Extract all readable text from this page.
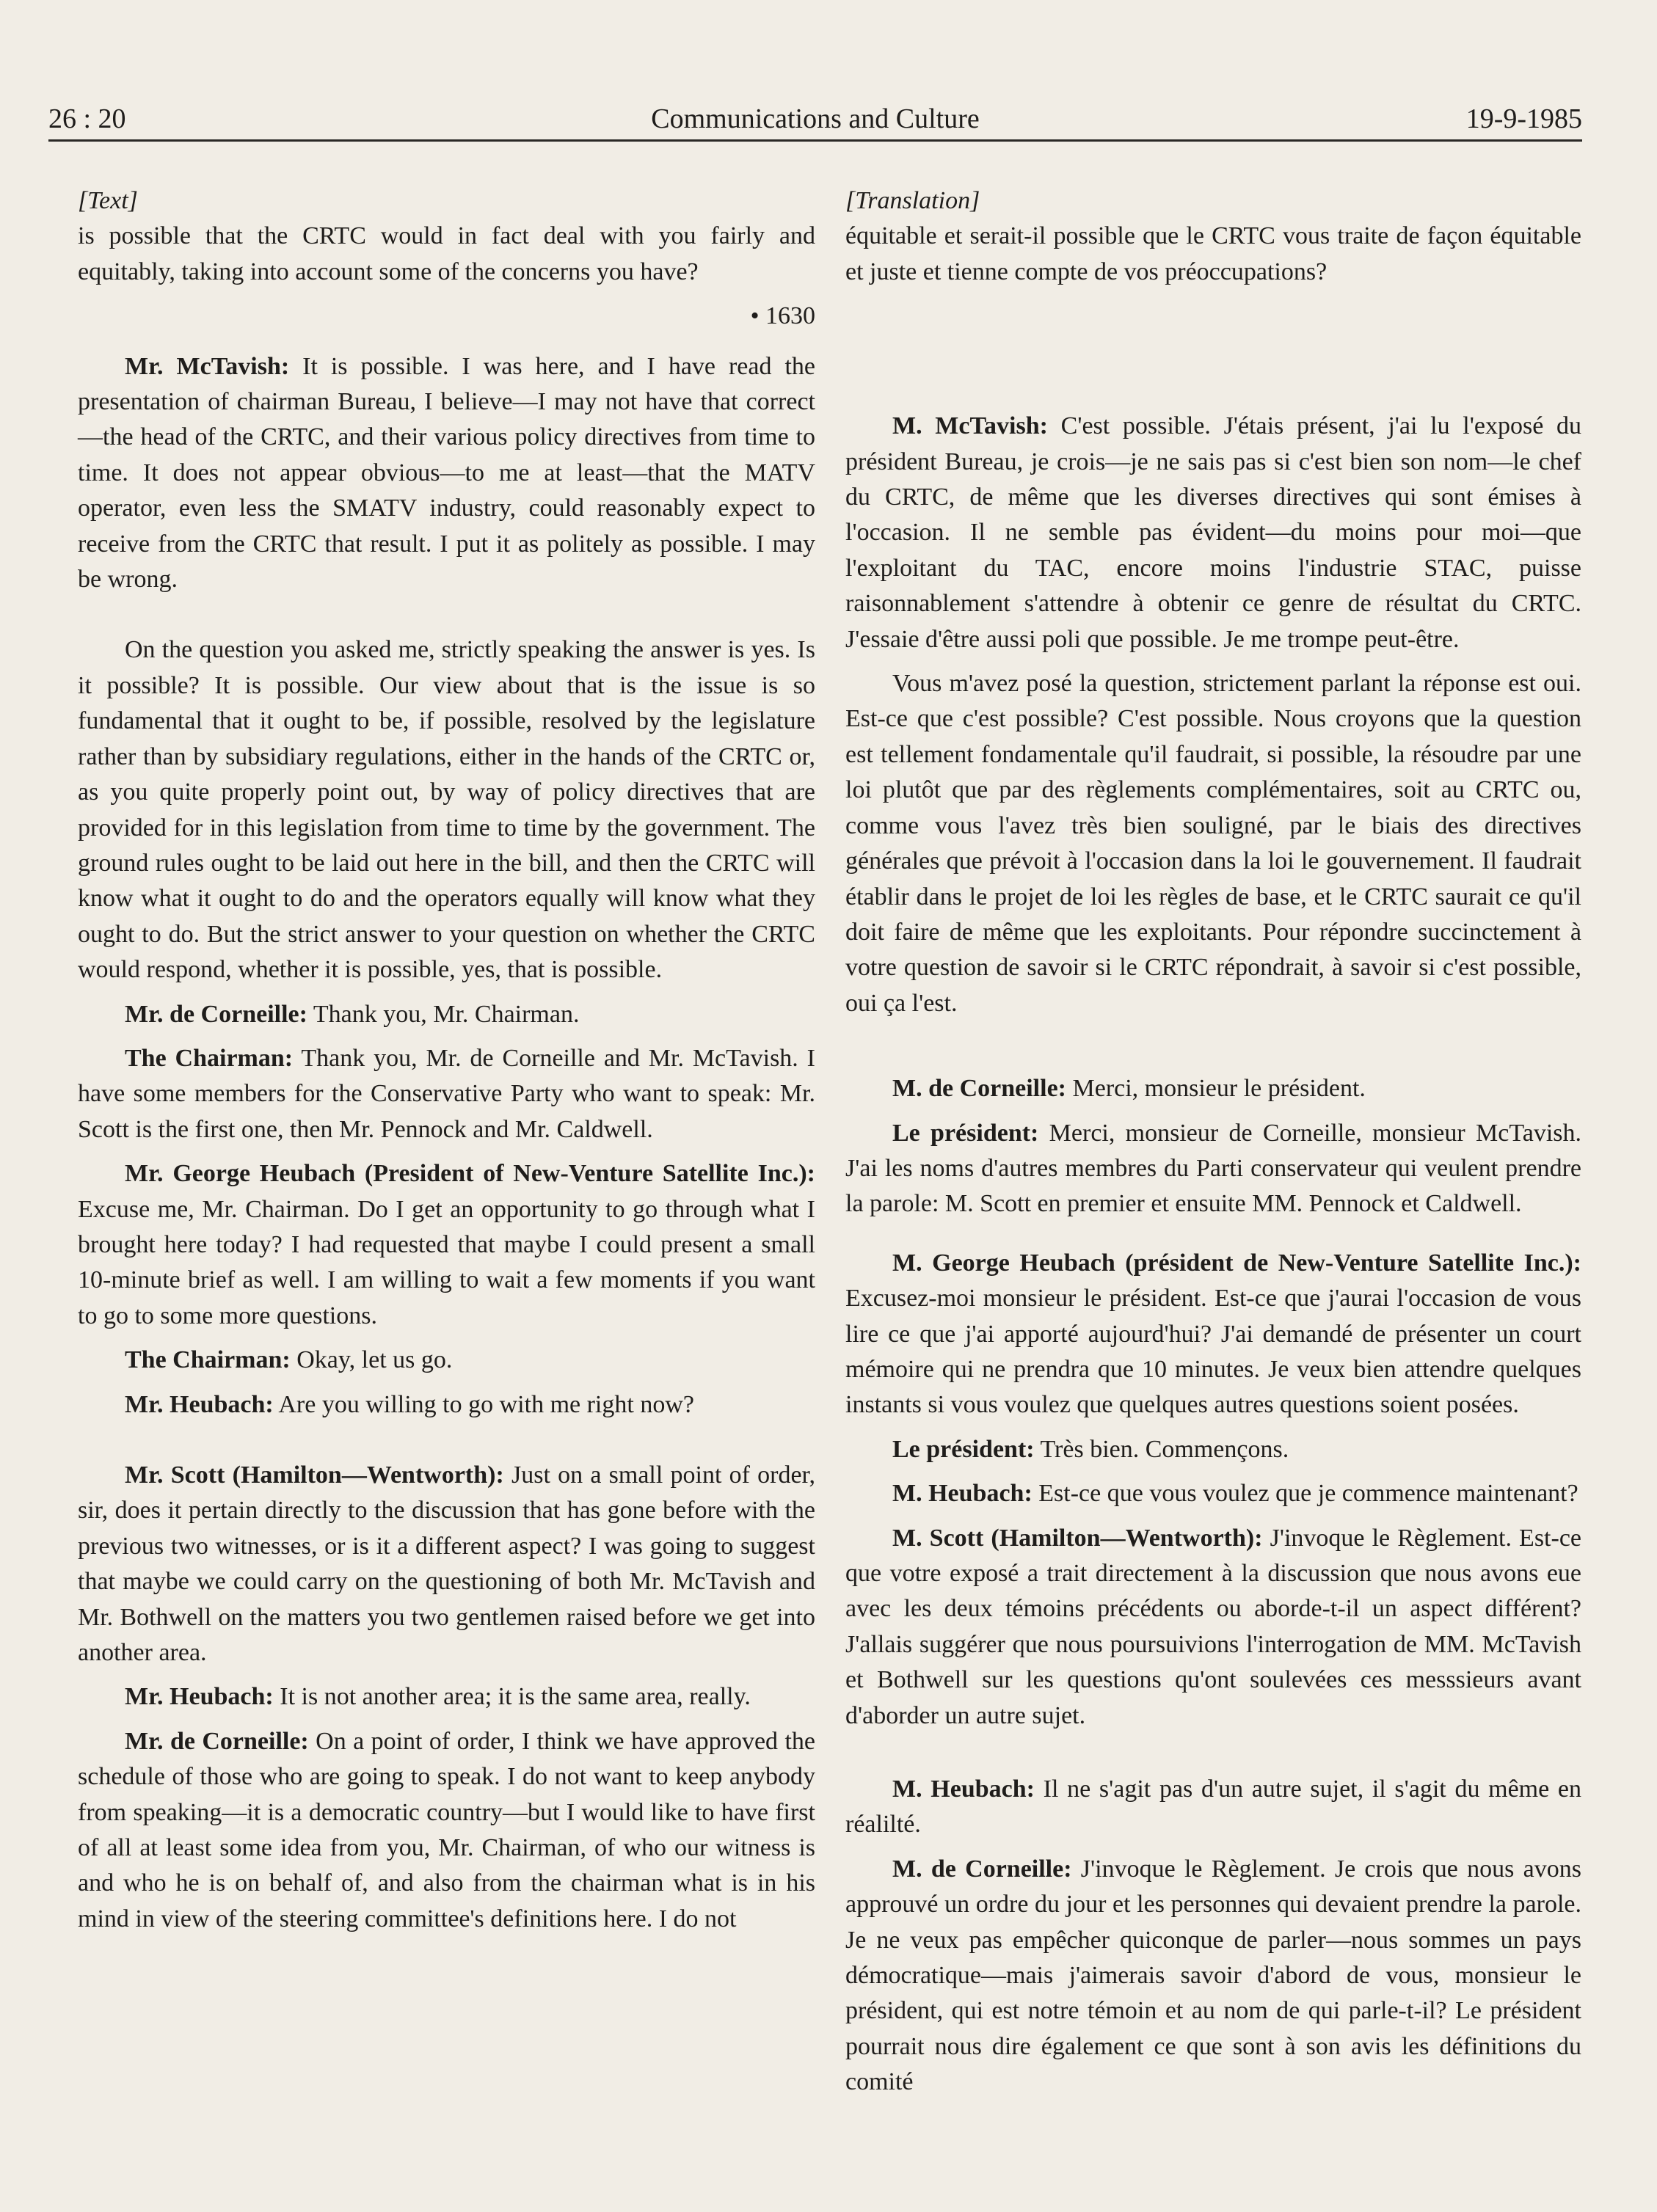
26 : 20	Communications and Culture	19-9-1985
[Text]

is possible that the CRTC would in fact deal with you fairly and equitably, taking into account some of the concerns you have?

• 1630

Mr. McTavish: It is possible. I was here, and I have read the presentation of chairman Bureau, I believe—I may not have that correct—the head of the CRTC, and their various policy directives from time to time. It does not appear obvious—to me at least—that the MATV operator, even less the SMATV industry, could reasonably expect to receive from the CRTC that result. I put it as politely as possible. I may be wrong.

On the question you asked me, strictly speaking the answer is yes. Is it possible? It is possible. Our view about that is the issue is so fundamental that it ought to be, if possible, resolved by the legislature rather than by subsidiary regulations, either in the hands of the CRTC or, as you quite properly point out, by way of policy directives that are provided for in this legislation from time to time by the government. The ground rules ought to be laid out here in the bill, and then the CRTC will know what it ought to do and the operators equally will know what they ought to do. But the strict answer to your question on whether the CRTC would respond, whether it is possible, yes, that is possible.

Mr. de Corneille: Thank you, Mr. Chairman.

The Chairman: Thank you, Mr. de Corneille and Mr. McTavish. I have some members for the Conservative Party who want to speak: Mr. Scott is the first one, then Mr. Pennock and Mr. Caldwell.

Mr. George Heubach (President of New-Venture Satellite Inc.): Excuse me, Mr. Chairman. Do I get an opportunity to go through what I brought here today? I had requested that maybe I could present a small 10-minute brief as well. I am willing to wait a few moments if you want to go to some more questions.

The Chairman: Okay, let us go.

Mr. Heubach: Are you willing to go with me right now?

Mr. Scott (Hamilton—Wentworth): Just on a small point of order, sir, does it pertain directly to the discussion that has gone before with the previous two witnesses, or is it a different aspect? I was going to suggest that maybe we could carry on the questioning of both Mr. McTavish and Mr. Bothwell on the matters you two gentlemen raised before we get into another area.

Mr. Heubach: It is not another area; it is the same area, really.

Mr. de Corneille: On a point of order, I think we have approved the schedule of those who are going to speak. I do not want to keep anybody from speaking—it is a democratic country—but I would like to have first of all at least some idea from you, Mr. Chairman, of who our witness is and who he is on behalf of, and also from the chairman what is in his mind in view of the steering committee's definitions here. I do not

[Translation]

équitable et serait-il possible que le CRTC vous traite de façon équitable et juste et tienne compte de vos préoccupations?

M. McTavish: C'est possible. J'étais présent, j'ai lu l'exposé du président Bureau, je crois—je ne sais pas si c'est bien son nom—le chef du CRTC, de même que les diverses directives qui sont émises à l'occasion. Il ne semble pas évident—du moins pour moi—que l'exploitant du TAC, encore moins l'industrie STAC, puisse raisonnablement s'attendre à obtenir ce genre de résultat du CRTC. J'essaie d'être aussi poli que possible. Je me trompe peut-être.

Vous m'avez posé la question, strictement parlant la réponse est oui. Est-ce que c'est possible? C'est possible. Nous croyons que la question est tellement fondamentale qu'il faudrait, si possible, la résoudre par une loi plutôt que par des règlements complémentaires, soit au CRTC ou, comme vous l'avez très bien souligné, par le biais des directives générales que prévoit à l'occasion dans la loi le gouvernement. Il faudrait établir dans le projet de loi les règles de base, et le CRTC saurait ce qu'il doit faire de même que les exploitants. Pour répondre succinctement à votre question de savoir si le CRTC répondrait, à savoir si c'est possible, oui ça l'est.

M. de Corneille: Merci, monsieur le président.

Le président: Merci, monsieur de Corneille, monsieur McTavish. J'ai les noms d'autres membres du Parti conservateur qui veulent prendre la parole: M. Scott en premier et ensuite MM. Pennock et Caldwell.

M. George Heubach (président de New-Venture Satellite Inc.): Excusez-moi monsieur le président. Est-ce que j'aurai l'occasion de vous lire ce que j'ai apporté aujourd'hui? J'ai demandé de présenter un court mémoire qui ne prendra que 10 minutes. Je veux bien attendre quelques instants si vous voulez que quelques autres questions soient posées.

Le président: Très bien. Commençons.

M. Heubach: Est-ce que vous voulez que je commence maintenant?

M. Scott (Hamilton—Wentworth): J'invoque le Règlement. Est-ce que votre exposé a trait directement à la discussion que nous avons eue avec les deux témoins précédents ou aborde-t-il un aspect différent? J'allais suggérer que nous poursuivions l'interrogation de MM. McTavish et Bothwell sur les questions qu'ont soulevées ces messsieurs avant d'aborder un autre sujet.

M. Heubach: Il ne s'agit pas d'un autre sujet, il s'agit du même en réalilté.

M. de Corneille: J'invoque le Règlement. Je crois que nous avons approuvé un ordre du jour et les personnes qui devaient prendre la parole. Je ne veux pas empêcher quiconque de parler—nous sommes un pays démocratique—mais j'aimerais savoir d'abord de vous, monsieur le président, qui est notre témoin et au nom de qui parle-t-il? Le président pourrait nous dire également ce que sont à son avis les définitions du comité
